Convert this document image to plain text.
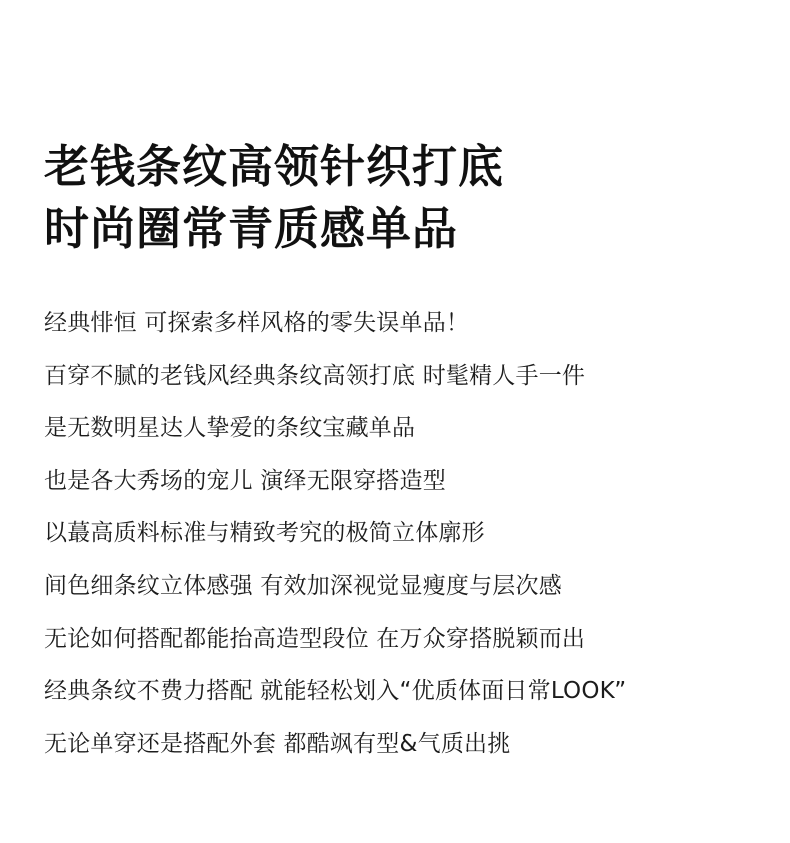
老钱条纹高领针织打底
时尚圈常青质感单品
经典悱恒 可探索多样风格的零失误单品！
百穿不腻的老钱风经典条纹高领打底 时髦精人手一件
是无数明星达人挚爱的条纹宝藏单品
也是各大秀场的宠儿 演绎无限穿搭造型
以蕞高质料标准与精致考究的极简立体廓形
间色细条纹立体感强 有效加深视觉显瘦度与层次感
无论如何搭配都能抬高造型段位 在万众穿搭脱颖而出
经典条纹不费力搭配 就能轻松划入“优质体面日常LOOK”
无论单穿还是搭配外套 都酷飒有型&气质出挑
